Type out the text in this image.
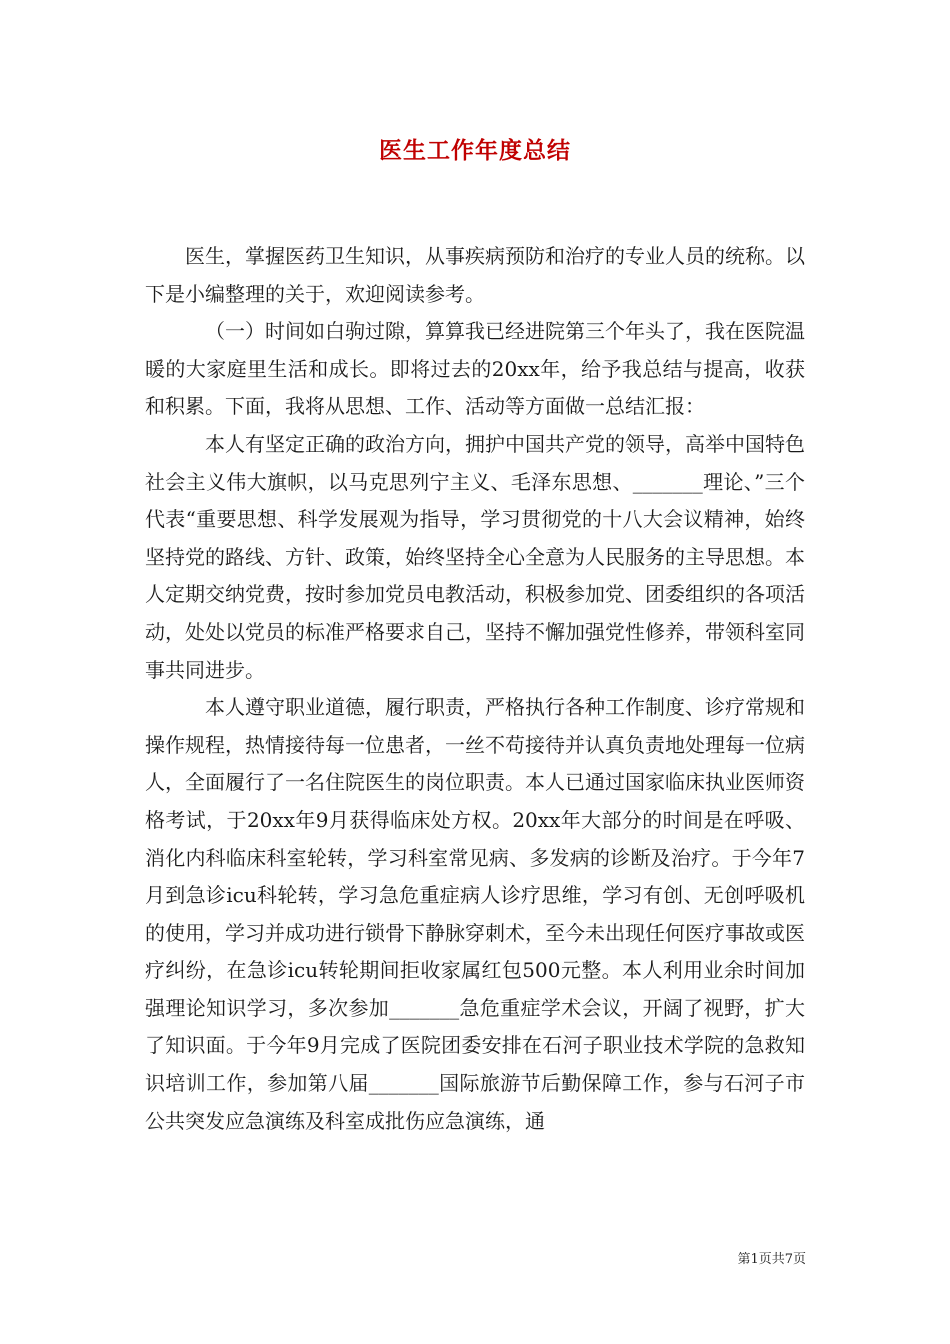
医生工作年度总结

医生，掌握医药卫生知识，从事疾病预防和治疗的专业人员的统称。以下是小编整理的关于，欢迎阅读参考。

（一）时间如白驹过隙，算算我已经进院第三个年头了，我在医院温暖的大家庭里生活和成长。即将过去的20xx年，给予我总结与提高，收获和积累。下面，我将从思想、工作、活动等方面做一总结汇报：

本人有坚定正确的政治方向，拥护中国共产党的领导，高举中国特色社会主义伟大旗帜，以马克思列宁主义、毛泽东思想、_______理论、”三个代表“重要思想、科学发展观为指导，学习贯彻党的十八大会议精神，始终坚持党的路线、方针、政策，始终坚持全心全意为人民服务的主导思想。本人定期交纳党费，按时参加党员电教活动，积极参加党、团委组织的各项活动，处处以党员的标准严格要求自己，坚持不懈加强党性修养，带领科室同事共同进步。

本人遵守职业道德，履行职责，严格执行各种工作制度、诊疗常规和操作规程，热情接待每一位患者，一丝不苟接待并认真负责地处理每一位病人，全面履行了一名住院医生的岗位职责。本人已通过国家临床执业医师资格考试，于20xx年9月获得临床处方权。20xx年大部分的时间是在呼吸、消化内科临床科室轮转，学习科室常见病、多发病的诊断及治疗。于今年7月到急诊icu科轮转，学习急危重症病人诊疗思维，学习有创、无创呼吸机的使用，学习并成功进行锁骨下静脉穿刺术，至今未出现任何医疗事故或医疗纠纷，在急诊icu转轮期间拒收家属红包500元整。本人利用业余时间加强理论知识学习，多次参加_______急危重症学术会议，开阔了视野，扩大了知识面。于今年9月完成了医院团委安排在石河子职业技术学院的急救知识培训工作，参加第八届_______国际旅游节后勤保障工作，参与石河子市公共突发应急演练及科室成批伤应急演练，通

第1页共7页
